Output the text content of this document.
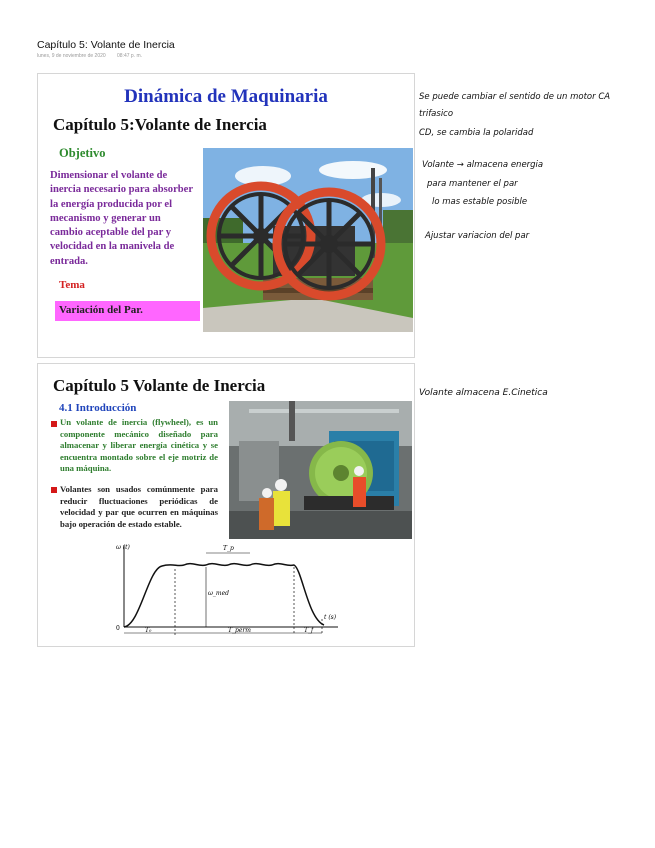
Capítulo 5: Volante de Inercia
lunes, 9 de noviembre de 2020 08:47 p. m.
Dinámica de Maquinaria
Capítulo 5:Volante de Inercia
Objetivo
Dimensionar el volante de inercia necesario para absorber la energía producida por el mecanismo y generar un cambio aceptable del par y velocidad en la manivela de entrada.
Tema
Variación del Par.
Capítulo 5 Volante de Inercia
4.1 Introducción
Un volante de inercia (flywheel), es un componente mecánico diseñado para almacenar y liberar energía cinética y se encuentra montado sobre el eje motriz de una máquina.
Volantes son usados comúnmente para reducir fluctuaciones periódicas de velocidad y par que ocurren en máquinas bajo operación de estado estable.
ω (t)
t (s)
T_p
ω_med
0	T₀	T_perm	T_f
Se puede cambiar el sentido de un motor CA
trifasico
CD, se cambia la polaridad
Volante → almacena energia
para mantener el par
lo mas estable posible
Ajustar variacion del par
Volante almacena E.Cinetica
